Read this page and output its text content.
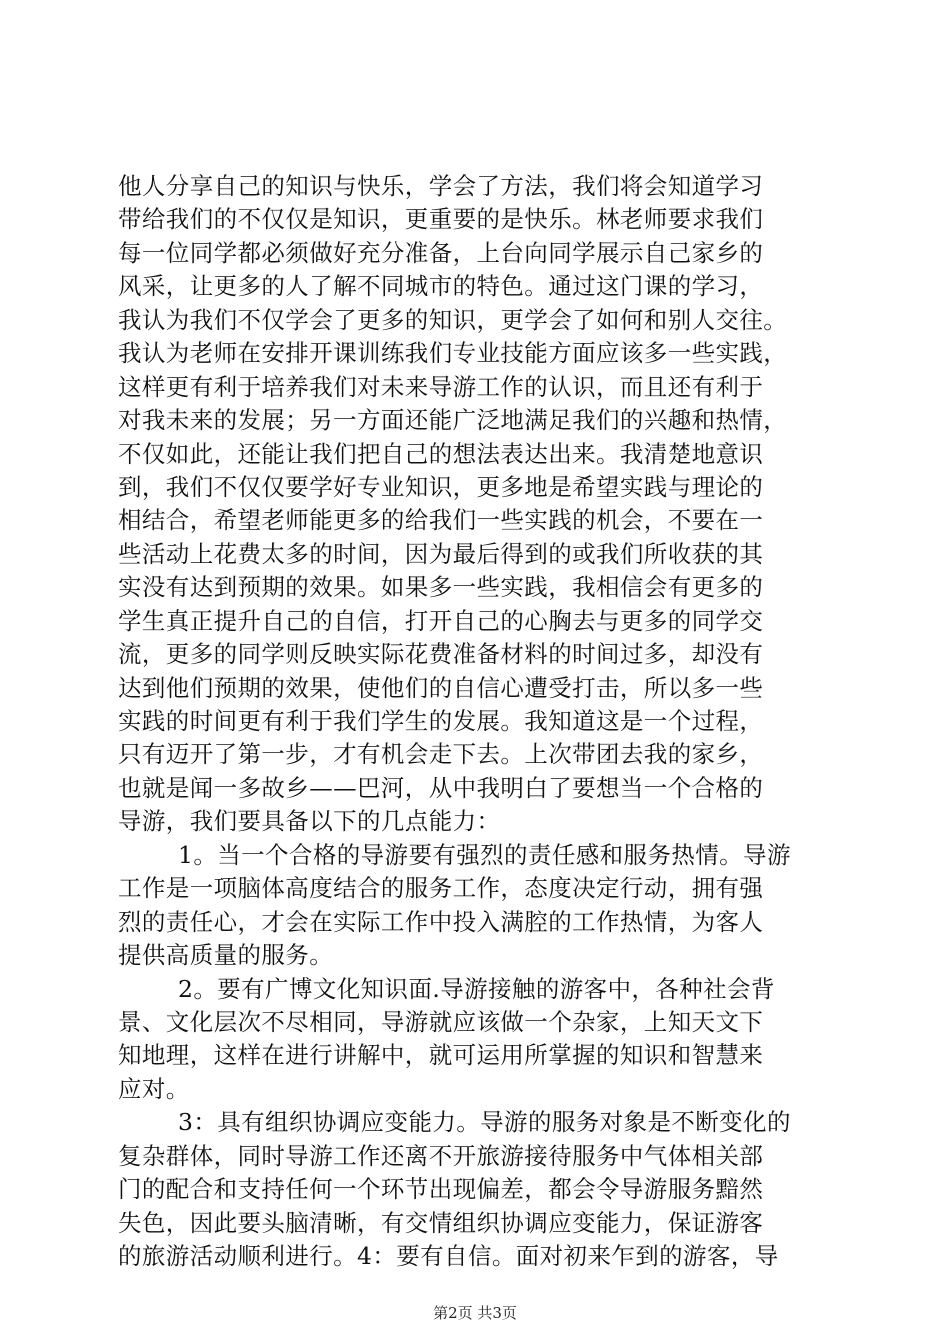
他人分享自己的知识与快乐，学会了方法，我们将会知道学习
带给我们的不仅仅是知识，更重要的是快乐。林老师要求我们
每一位同学都必须做好充分准备，上台向同学展示自己家乡的
风采，让更多的人了解不同城市的特色。通过这门课的学习，
我认为我们不仅学会了更多的知识，更学会了如何和别人交往。
我认为老师在安排开课训练我们专业技能方面应该多一些实践，
这样更有利于培养我们对未来导游工作的认识，而且还有利于
对我未来的发展；另一方面还能广泛地满足我们的兴趣和热情，
不仅如此，还能让我们把自己的想法表达出来。我清楚地意识
到，我们不仅仅要学好专业知识，更多地是希望实践与理论的
相结合，希望老师能更多的给我们一些实践的机会，不要在一
些活动上花费太多的时间，因为最后得到的或我们所收获的其
实没有达到预期的效果。如果多一些实践，我相信会有更多的
学生真正提升自己的自信，打开自己的心胸去与更多的同学交
流，更多的同学则反映实际花费准备材料的时间过多，却没有
达到他们预期的效果，使他们的自信心遭受打击，所以多一些
实践的时间更有利于我们学生的发展。我知道这是一个过程，
只有迈开了第一步，才有机会走下去。上次带团去我的家乡，
也就是闻一多故乡——巴河，从中我明白了要想当一个合格的
导游，我们要具备以下的几点能力：
1。当一个合格的导游要有强烈的责任感和服务热情。导游
工作是一项脑体高度结合的服务工作，态度决定行动，拥有强
烈的责任心，才会在实际工作中投入满腔的工作热情，为客人
提供高质量的服务。
2。要有广博文化知识面.导游接触的游客中，各种社会背
景、文化层次不尽相同，导游就应该做一个杂家，上知天文下
知地理，这样在进行讲解中，就可运用所掌握的知识和智慧来
应对。
3：具有组织协调应变能力。导游的服务对象是不断变化的
复杂群体，同时导游工作还离不开旅游接待服务中气体相关部
门的配合和支持任何一个环节出现偏差，都会令导游服务黯然
失色，因此要头脑清晰，有交情组织协调应变能力，保证游客
的旅游活动顺利进行。4：要有自信。面对初来乍到的游客，导
第2页 共3页
